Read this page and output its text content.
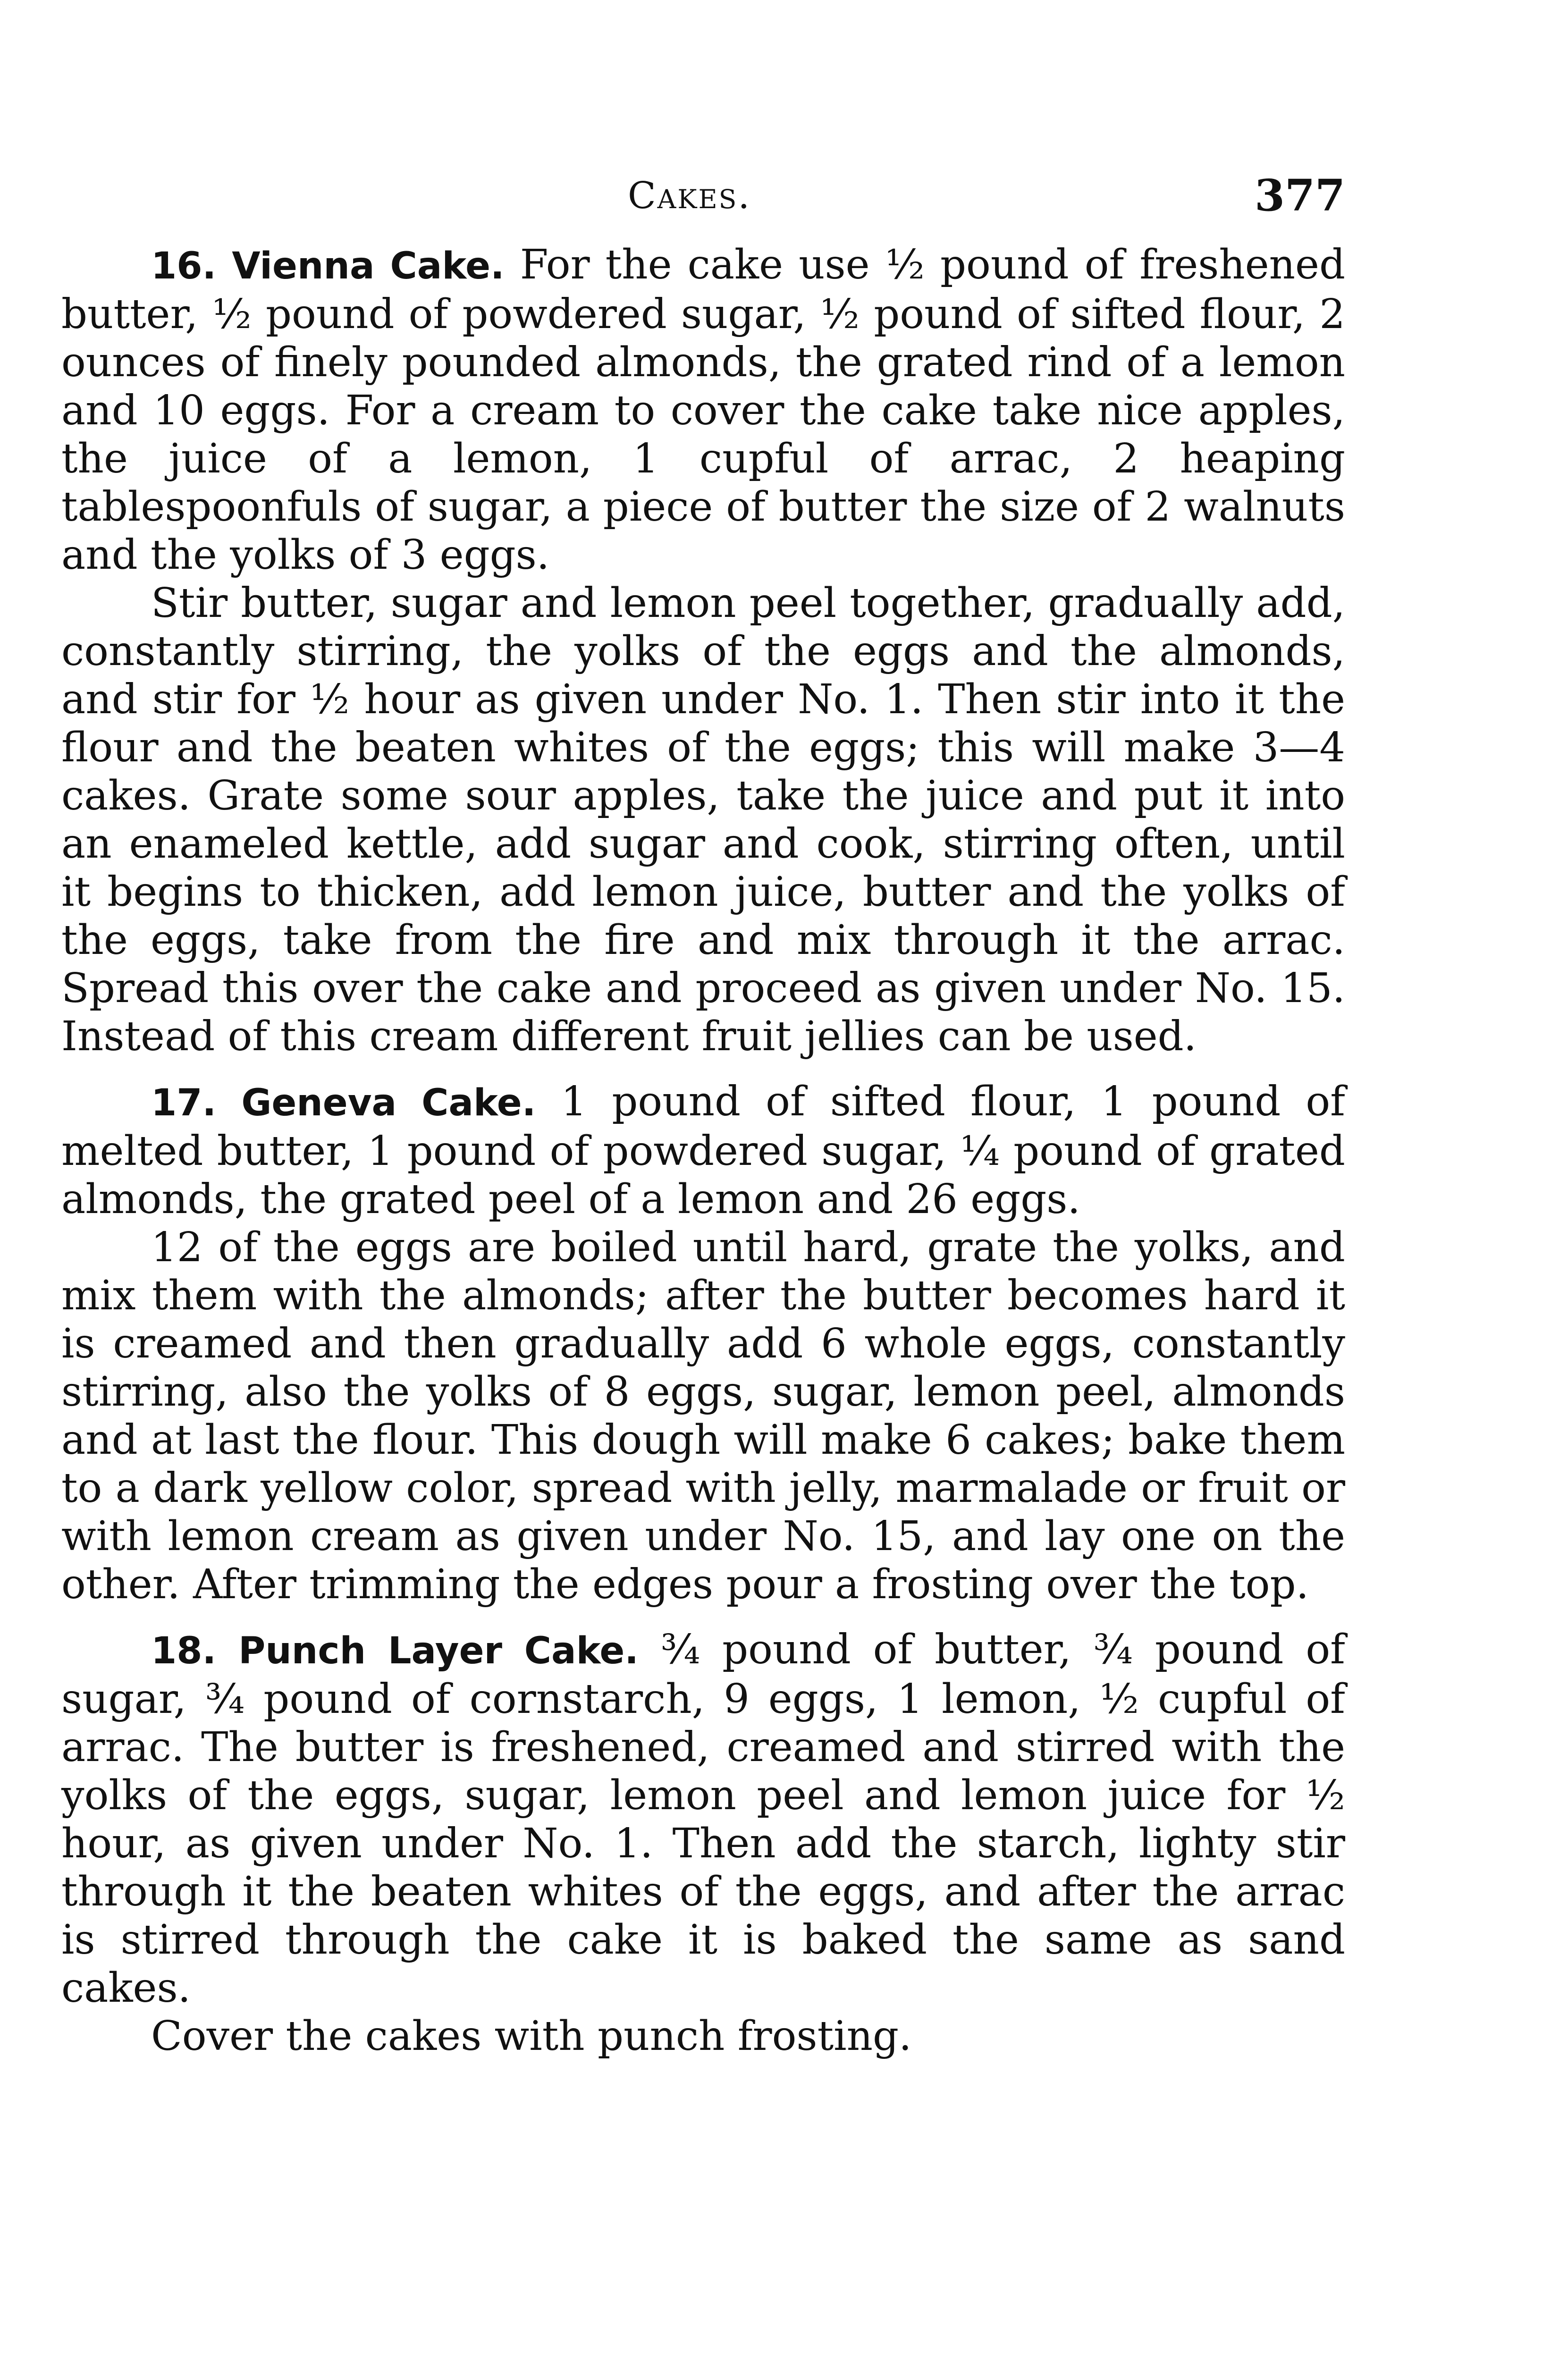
Cakes.	377

16. Vienna Cake. For the cake use ½ pound of freshened butter, ½ pound of powdered sugar, ½ pound of sifted flour, 2 ounces of finely pounded almonds, the grated rind of a lemon and 10 eggs. For a cream to cover the cake take nice apples, the juice of a lemon, 1 cupful of arrac, 2 heaping tablespoonfuls of sugar, a piece of butter the size of 2 walnuts and the yolks of 3 eggs.

Stir butter, sugar and lemon peel together, gradually add, constantly stirring, the yolks of the eggs and the almonds, and stir for ½ hour as given under No. 1. Then stir into it the flour and the beaten whites of the eggs; this will make 3—4 cakes. Grate some sour apples, take the juice and put it into an enameled kettle, add sugar and cook, stirring often, until it begins to thicken, add lemon juice, butter and the yolks of the eggs, take from the fire and mix through it the arrac. Spread this over the cake and proceed as given under No. 15. Instead of this cream different fruit jellies can be used.

17. Geneva Cake. 1 pound of sifted flour, 1 pound of melted butter, 1 pound of powdered sugar, ¼ pound of grated almonds, the grated peel of a lemon and 26 eggs.

12 of the eggs are boiled until hard, grate the yolks, and mix them with the almonds; after the butter becomes hard it is creamed and then gradually add 6 whole eggs, constantly stirring, also the yolks of 8 eggs, sugar, lemon peel, almonds and at last the flour. This dough will make 6 cakes; bake them to a dark yellow color, spread with jelly, marmalade or fruit or with lemon cream as given under No. 15, and lay one on the other. After trimming the edges pour a frosting over the top.

18. Punch Layer Cake. ¾ pound of butter, ¾ pound of sugar, ¾ pound of cornstarch, 9 eggs, 1 lemon, ½ cupful of arrac. The butter is freshened, creamed and stirred with the yolks of the eggs, sugar, lemon peel and lemon juice for ½ hour, as given under No. 1. Then add the starch, lighty stir through it the beaten whites of the eggs, and after the arrac is stirred through the cake it is baked the same as sand cakes.

Cover the cakes with punch frosting.
